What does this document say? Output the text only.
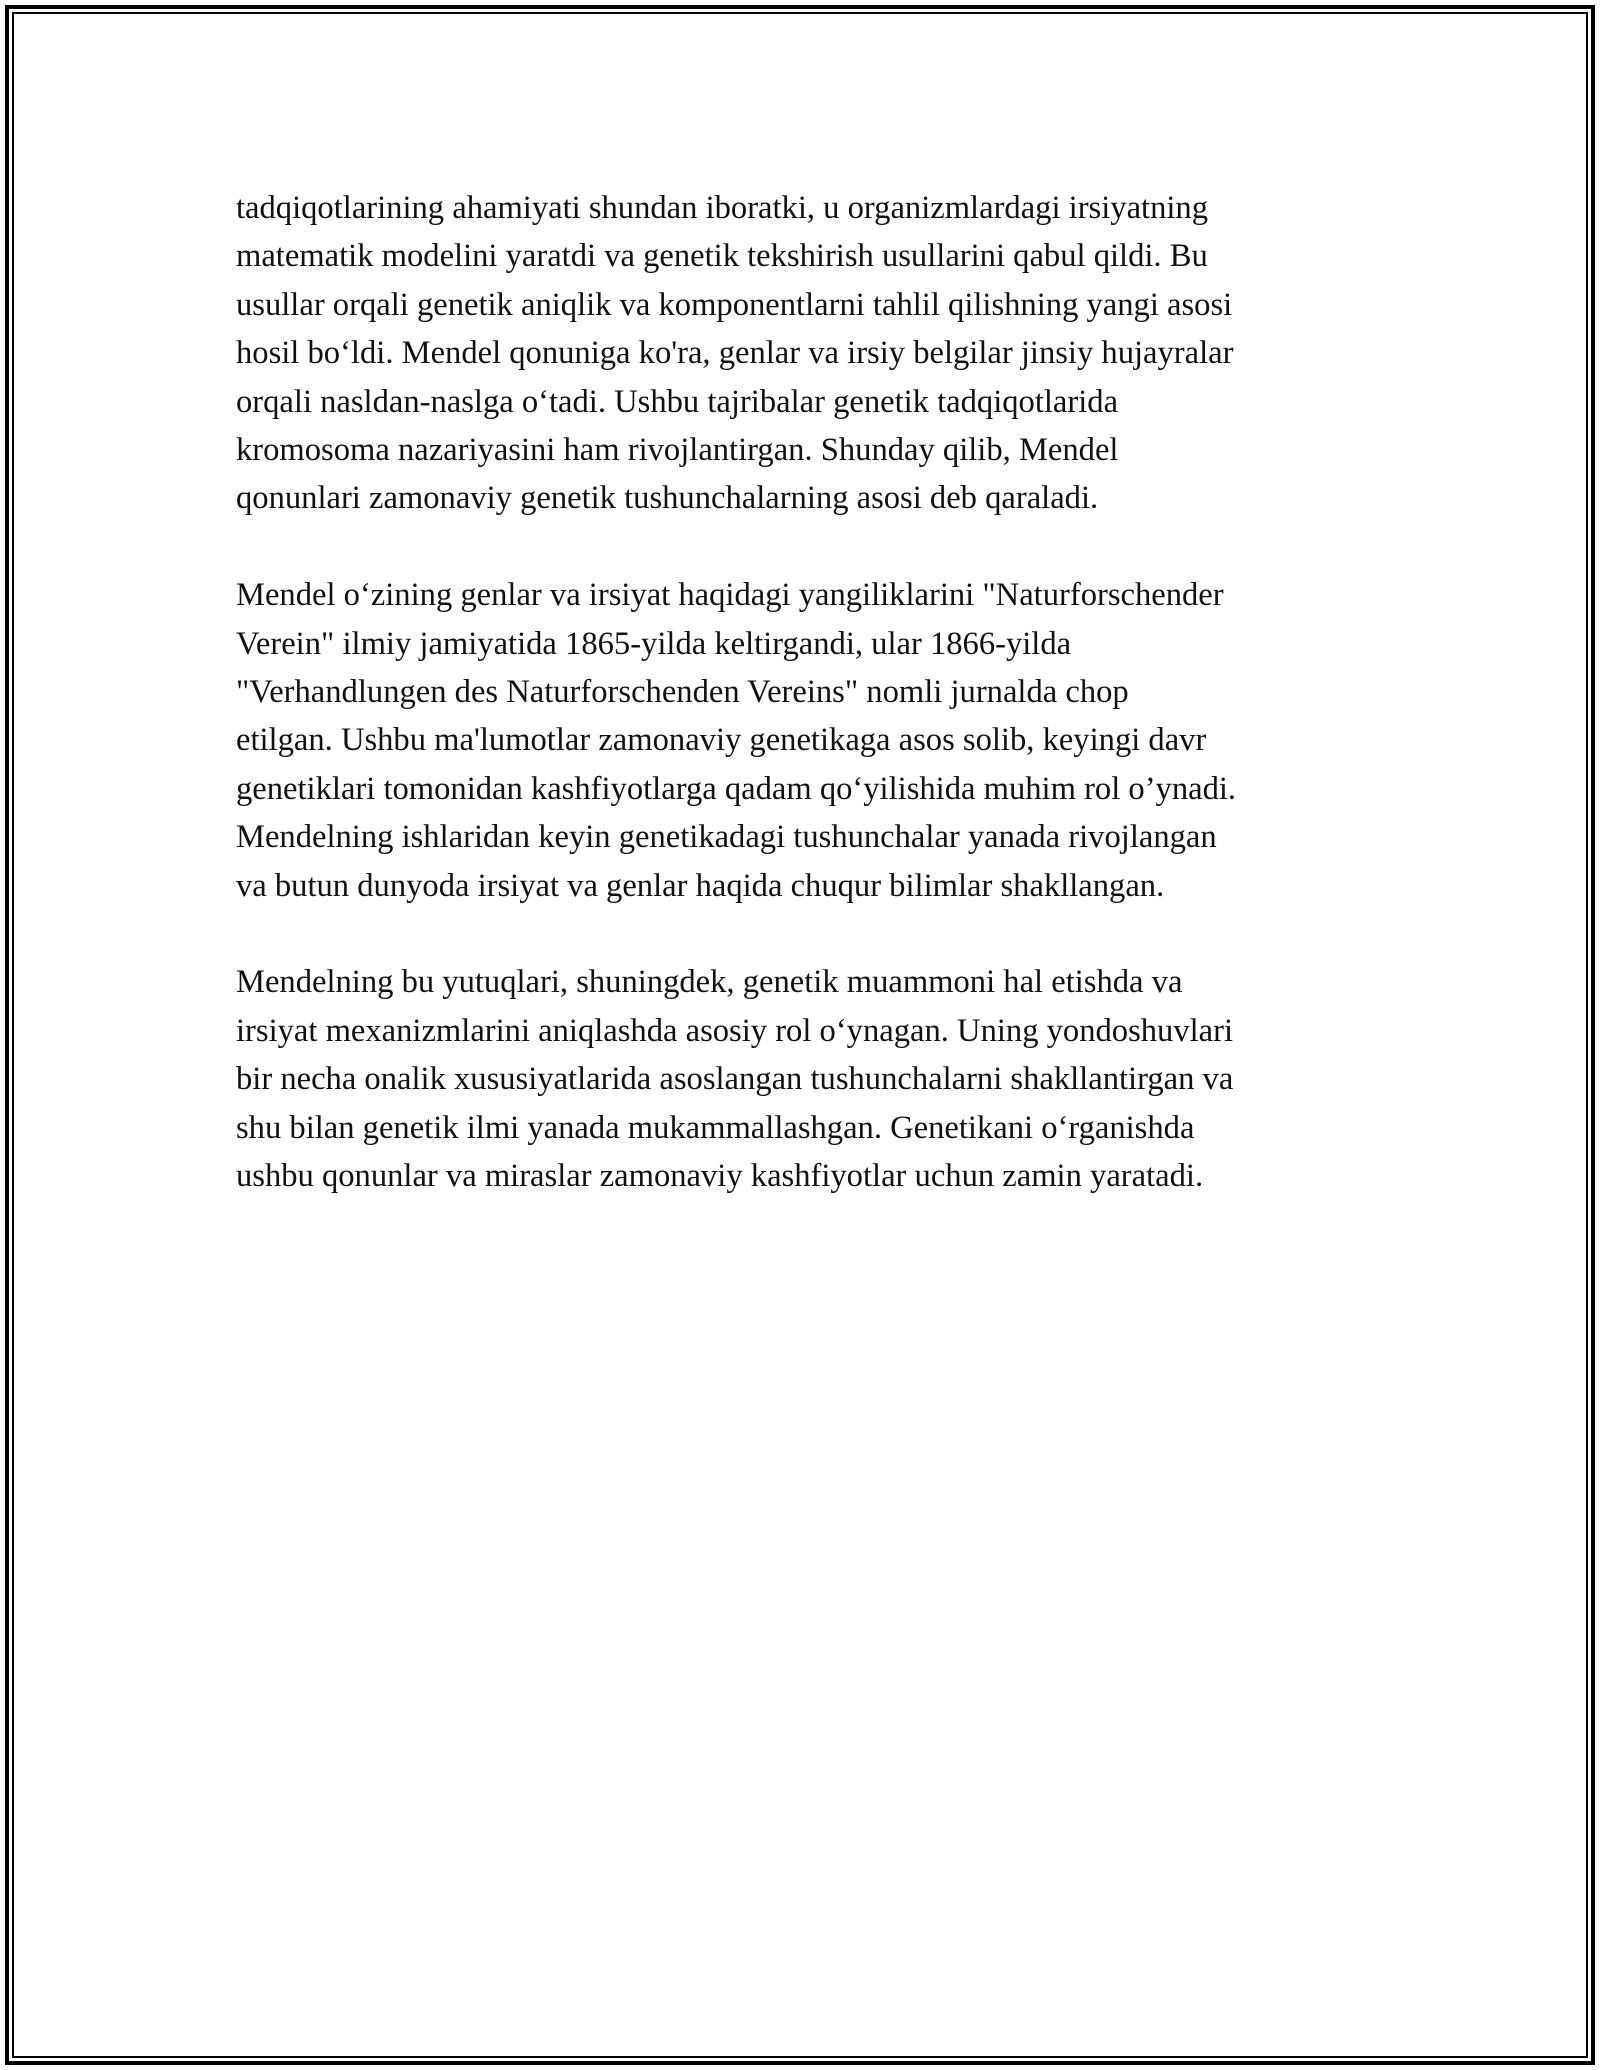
tadqiqotlarining ahamiyati shundan iboratki, u organizmlardagi irsiyatning
matematik modelini yaratdi va genetik tekshirish usullarini qabul qildi. Bu
usullar orqali genetik aniqlik va komponentlarni tahlil qilishning yangi asosi
hosil bo‘ldi. Mendel qonuniga ko'ra, genlar va irsiy belgilar jinsiy hujayralar
orqali nasldan-naslga o‘tadi. Ushbu tajribalar genetik tadqiqotlarida
kromosoma nazariyasini ham rivojlantirgan. Shunday qilib, Mendel
qonunlari zamonaviy genetik tushunchalarning asosi deb qaraladi.

Mendel o‘zining genlar va irsiyat haqidagi yangiliklarini "Naturforschender
Verein" ilmiy jamiyatida 1865-yilda keltirgandi, ular 1866-yilda
"Verhandlungen des Naturforschenden Vereins" nomli jurnalda chop
etilgan. Ushbu ma'lumotlar zamonaviy genetikaga asos solib, keyingi davr
genetiklari tomonidan kashfiyotlarga qadam qo‘yilishida muhim rol o’ynadi.
Mendelning ishlaridan keyin genetikadagi tushunchalar yanada rivojlangan
va butun dunyoda irsiyat va genlar haqida chuqur bilimlar shakllangan.

Mendelning bu yutuqlari, shuningdek, genetik muammoni hal etishda va
irsiyat mexanizmlarini aniqlashda asosiy rol o‘ynagan. Uning yondoshuvlari
bir necha onalik xususiyatlarida asoslangan tushunchalarni shakllantirgan va
shu bilan genetik ilmi yanada mukammallashgan. Genetikani o‘rganishda
ushbu qonunlar va miraslar zamonaviy kashfiyotlar uchun zamin yaratadi.
